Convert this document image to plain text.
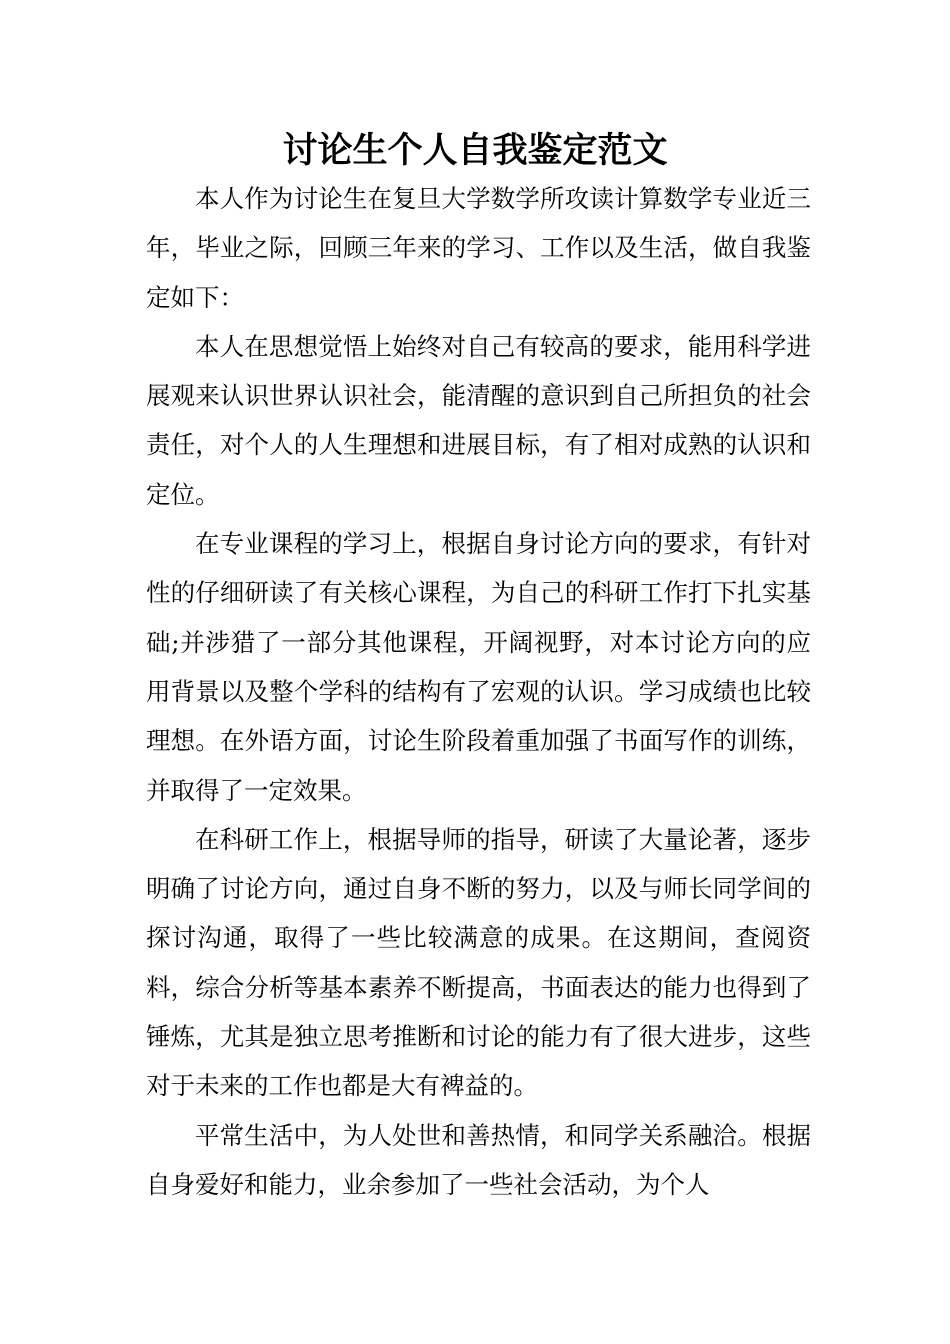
讨论生个人自我鉴定范文

本人作为讨论生在复旦大学数学所攻读计算数学专业近三年，毕业之际，回顾三年来的学习、工作以及生活，做自我鉴定如下：

本人在思想觉悟上始终对自己有较高的要求，能用科学进展观来认识世界认识社会，能清醒的意识到自己所担负的社会责任，对个人的人生理想和进展目标，有了相对成熟的认识和定位。

在专业课程的学习上，根据自身讨论方向的要求，有针对性的仔细研读了有关核心课程，为自己的科研工作打下扎实基础;并涉猎了一部分其他课程，开阔视野，对本讨论方向的应用背景以及整个学科的结构有了宏观的认识。学习成绩也比较理想。在外语方面，讨论生阶段着重加强了书面写作的训练，并取得了一定效果。

在科研工作上，根据导师的指导，研读了大量论著，逐步明确了讨论方向，通过自身不断的努力，以及与师长同学间的探讨沟通，取得了一些比较满意的成果。在这期间，查阅资料，综合分析等基本素养不断提高，书面表达的能力也得到了锤炼，尤其是独立思考推断和讨论的能力有了很大进步，这些对于未来的工作也都是大有裨益的。

平常生活中，为人处世和善热情，和同学关系融洽。根据自身爱好和能力，业余参加了一些社会活动，为个人
